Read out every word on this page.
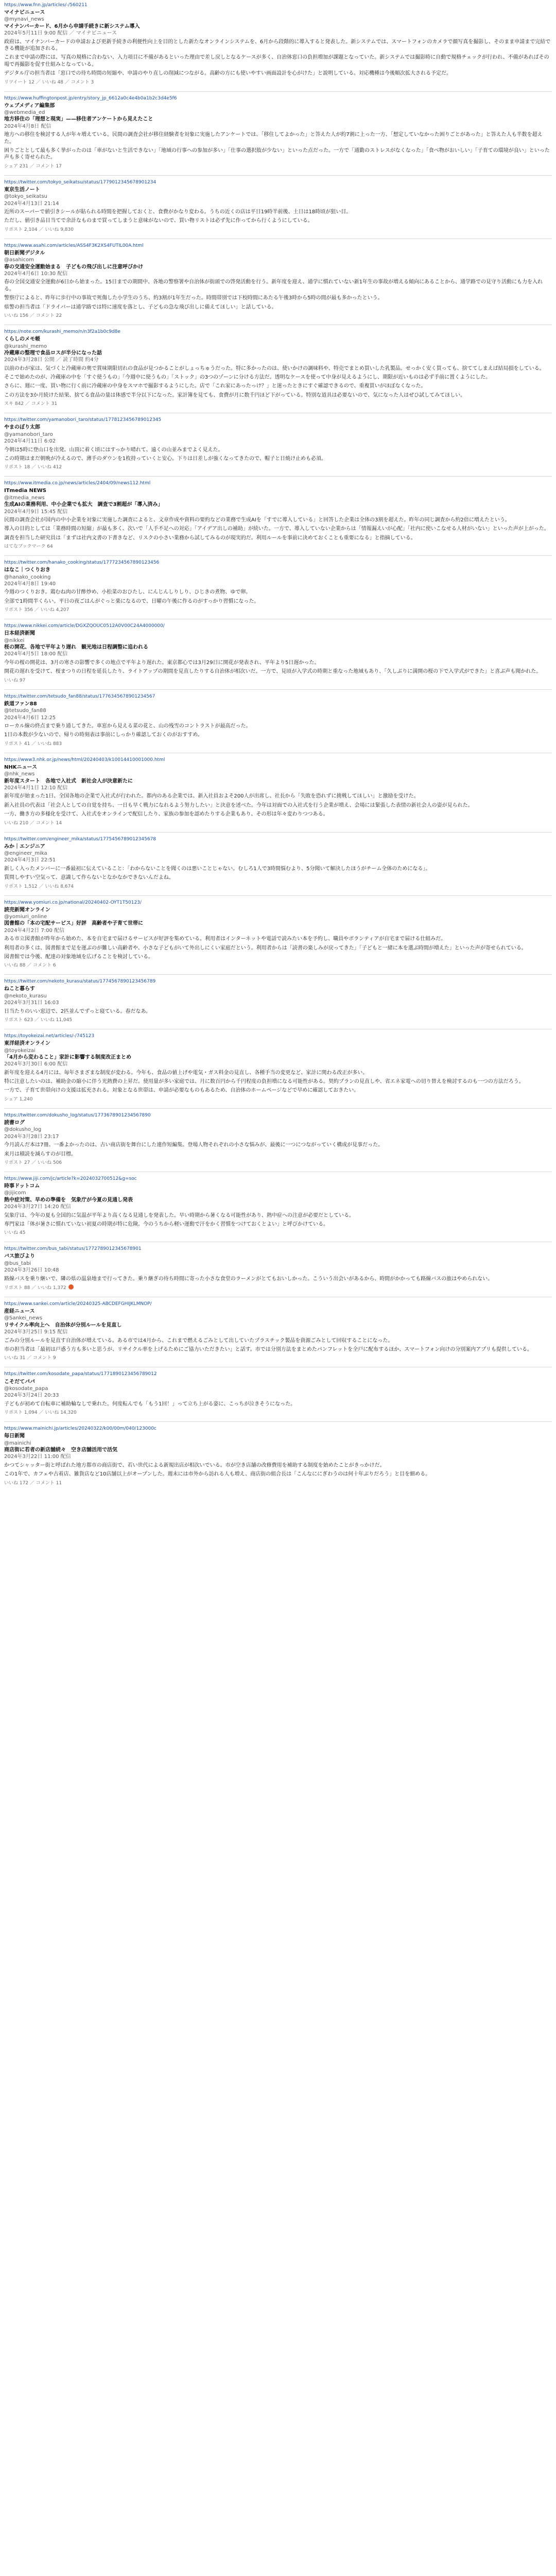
https://www.fnn.jp/articles/-/560211
マイナビニュース
@mynavi_news
マイナンバーカード、6月から申請手続きに新システム導入
2024年5月11日 9:00 配信 ／ マイナビニュース

政府は、マイナンバーカードの申請および更新手続きの利便性向上を目的とした新たなオンラインシステムを、6月から段階的に導入すると発表した。新システムでは、スマートフォンのカメラで顔写真を撮影し、そのまま申請まで完結できる機能が追加される。

これまで申請の際には、写真の規格に合わない、入力項目に不備があるといった理由で差し戻しとなるケースが多く、自治体窓口の負担増加が課題となっていた。新システムでは撮影時に自動で規格チェックが行われ、不備があればその場で再撮影を促す仕組みとなっている。

デジタル庁の担当者は「窓口での待ち時間の短縮や、申請のやり直しの削減につながる。高齢の方にも使いやすい画面設計を心がけた」と説明している。対応機種は今後順次拡大される予定だ。

リツイート 12 ／ いいね 48 ／ コメント 3
https://www.huffingtonpost.jp/entry/story_jp_6612a0c4e4b0a1b2c3d4e5f6
ウェブメディア編集部
@webmedia_ed
地方移住の「理想と現実」——移住者アンケートから見えたこと
2024年4月8日 配信

地方への移住を検討する人が年々増えている。民間の調査会社が移住経験者を対象に実施したアンケートでは、「移住してよかった」と答えた人が約7割に上った一方、「想定していなかった困りごとがあった」と答えた人も半数を超えた。

困りごととして最も多く挙がったのは「車がないと生活できない」「地域の行事への参加が多い」「仕事の選択肢が少ない」といった点だった。一方で「通勤のストレスがなくなった」「食べ物がおいしい」「子育ての環境が良い」といった声も多く寄せられた。

シェア 231 ／ コメント 17
https://twitter.com/tokyo_seikatsu/status/1779012345678901234
東京生活ノート
@tokyo_seikatsu
2024年4月13日 21:14

近所のスーパーで値引きシールが貼られる時間を把握しておくと、食費がかなり変わる。うちの近くの店は平日19時半前後、土日は18時頃が狙い目。

ただし、値引き品目当てで余計なものまで買ってしまうと意味がないので、買い物リストは必ず先に作ってから行くようにしている。

リポスト 2,104 ／ いいね 9,830
https://www.asahi.com/articles/ASS4F3K2XS4FUTIL00A.html
朝日新聞デジタル
@asahicom
春の交通安全運動始まる　子どもの飛び出しに注意呼びかけ
2024年4月6日 10:30 配信

春の全国交通安全運動が6日から始まった。15日までの期間中、各地の警察署や自治体が街頭での啓発活動を行う。新年度を迎え、通学に慣れていない新1年生の事故が増える傾向にあることから、通学路での見守り活動にも力を入れる。

警察庁によると、昨年に歩行中の事故で死傷した小学生のうち、約3割が1年生だった。時間帯別では下校時間にあたる午後3時から5時の間が最も多かったという。

県警の担当者は「ドライバーは通学路では特に速度を落とし、子どもの急な飛び出しに備えてほしい」と話している。

いいね 156 ／ コメント 22
https://note.com/kurashi_memo/n/n3f2a1b0c9d8e
くらしのメモ帳
@kurashi_memo
冷蔵庫の整理で食品ロスが半分になった話
2024年3月28日 公開 ／ 読了時間 約4分

以前のわが家は、気づくと冷蔵庫の奥で賞味期限切れの食品が見つかることがしょっちゅうだった。特に多かったのは、使いかけの調味料や、特売でまとめ買いした乳製品。せっかく安く買っても、捨ててしまえば結局損をしている。

そこで始めたのが、冷蔵庫の中を「すぐ使うもの」「今週中に使うもの」「ストック」の3つのゾーンに分ける方法だ。透明なケースを使って中身が見えるようにし、期限が近いものは必ず手前に置くようにした。

さらに、週に一度、買い物に行く前に冷蔵庫の中身をスマホで撮影するようにした。店で「これ家にあったっけ？」と迷ったときにすぐ確認できるので、重複買いがほぼなくなった。

この方法を3か月続けた結果、捨てる食品の量は体感で半分以下になった。家計簿を見ても、食費が月に数千円ほど下がっている。特別な道具は必要ないので、気になった人はぜひ試してみてほしい。

スキ 842 ／ コメント 31
https://twitter.com/yamanobori_taro/status/1778123456789012345
やまのぼり太郎
@yamanobori_taro
2024年4月11日 6:02

今朝は5時に登山口を出発。山頂に着く頃にはすっかり晴れて、遠くの山並みまでよく見えた。

この時期はまだ朝晩が冷えるので、薄手のダウンを1枚持っていくと安心。下りは日差しが強くなってきたので、帽子と日焼け止めも必須。

リポスト 18 ／ いいね 412
https://www.itmedia.co.jp/news/articles/2404/09/news112.html
ITmedia NEWS
@itmedia_news
生成AIの業務利用、中小企業でも拡大　調査で3割超が「導入済み」
2024年4月9日 15:45 配信

民間の調査会社が国内の中小企業を対象に実施した調査によると、文章作成や資料の要約などの業務で生成AIを「すでに導入している」と回答した企業は全体の3割を超えた。昨年の同じ調査から約2倍に増えたという。

導入の目的としては「業務時間の短縮」が最も多く、次いで「人手不足への対応」「アイデア出しの補助」が続いた。一方で、導入していない企業からは「情報漏えいが心配」「社内に使いこなせる人材がいない」といった声が上がった。

調査を担当した研究員は「まずは社内文書の下書きなど、リスクの小さい業務から試してみるのが現実的だ。利用ルールを事前に決めておくことも重要になる」と指摘している。

はてなブックマーク 64
https://twitter.com/hanako_cooking/status/1777234567890123456
はなこ｜つくりおき
@hanako_cooking
2024年4月8日 19:40

今週のつくりおき。鶏むね肉の甘酢炒め、小松菜のおひたし、にんじんしりしり、ひじきの煮物、ゆで卵。

全部で1時間半くらい。平日の夜ごはんがぐっと楽になるので、日曜の午後に作るのがすっかり習慣になった。

リポスト 356 ／ いいね 4,207
https://www.nikkei.com/article/DGXZQOUC0512A0V00C24A4000000/
日本経済新聞
@nikkei
桜の開花、各地で平年より遅れ　観光地は日程調整に追われる
2024年4月5日 18:00 配信

今年の桜の開花は、3月の寒さの影響で多くの地点で平年より遅れた。東京都心では3月29日に開花が発表され、平年より5日遅かった。

開花の遅れを受けて、桜まつりの日程を延長したり、ライトアップの期間を見直したりする自治体が相次いだ。一方で、見頃が入学式の時期と重なった地域もあり、「久しぶりに満開の桜の下で入学式ができた」と喜ぶ声も聞かれた。

いいね 97
https://twitter.com/tetsudo_fan88/status/1776345678901234567
鉄道ファン88
@tetsudo_fan88
2024年4月6日 12:25

ローカル線の終点まで乗り通してきた。車窓から見える菜の花と、山の残雪のコントラストが最高だった。

1日の本数が少ないので、帰りの時刻表は事前にしっかり確認しておくのがおすすめ。

リポスト 41 ／ いいね 883
https://www3.nhk.or.jp/news/html/20240403/k10014410001000.html
NHKニュース
@nhk_news
新年度スタート　各地で入社式　新社会人が決意新たに
2024年4月1日 12:10 配信

新年度が始まった1日、全国各地の企業で入社式が行われた。都内のある企業では、新入社員およそ200人が出席し、社長から「失敗を恐れずに挑戦してほしい」と激励を受けた。

新入社員の代表は「社会人としての自覚を持ち、一日も早く戦力になれるよう努力したい」と決意を述べた。今年は対面での入社式を行う企業が増え、会場には緊張した表情の新社会人の姿が見られた。

一方、働き方の多様化を受けて、入社式をオンラインで配信したり、家族の参加を認めたりする企業もあり、その形は年々変わりつつある。

いいね 210 ／ コメント 14
https://twitter.com/engineer_mika/status/1775456789012345678
みか｜エンジニア
@engineer_mika
2024年4月3日 22:51

新しく入ったメンバーに一番最初に伝えていること：「わからないことを聞くのは悪いことじゃない。むしろ1人で3時間悩むより、5分聞いて解決したほうがチーム全体のためになる」。

質問しやすい空気って、意識して作らないとなかなかできないんだよね。

リポスト 1,512 ／ いいね 8,674
https://www.yomiuri.co.jp/national/20240402-OYT1T50123/
読売新聞オンライン
@yomiuri_online
図書館の「本の宅配サービス」好評　高齢者や子育て世帯に
2024年4月2日 7:00 配信

ある市立図書館が昨年から始めた、本を自宅まで届けるサービスが好評を集めている。利用者はインターネットや電話で読みたい本を予約し、職員やボランティアが自宅まで届ける仕組みだ。

利用者の多くは、図書館まで足を運ぶのが難しい高齢者や、小さな子どもがいて外出しにくい家庭だという。利用者からは「読書の楽しみが戻ってきた」「子どもと一緒に本を選ぶ時間が増えた」といった声が寄せられている。

図書館では今後、配達の対象地域を広げることを検討している。

いいね 88 ／ コメント 6
https://twitter.com/nekoto_kurasu/status/1774567890123456789
ねこと暮らす
@nekoto_kurasu
2024年3月31日 16:03

日当たりのいい窓辺で、2匹並んでずっと寝ている。春だなあ。

リポスト 623 ／ いいね 11,045
https://toyokeizai.net/articles/-/745123
東洋経済オンライン
@toyokeizai
「4月から変わること」家計に影響する制度改正まとめ
2024年3月30日 6:00 配信

新年度を迎える4月には、毎年さまざまな制度が変わる。今年も、食品の値上げや電気・ガス料金の見直し、各種手当の変更など、家計に関わる改正が多い。

特に注意したいのは、補助金の縮小に伴う光熱費の上昇だ。使用量が多い家庭では、月に数百円から千円程度の負担増になる可能性がある。契約プランの見直しや、省エネ家電への切り替えを検討するのも一つの方法だろう。

一方で、子育て世帯向けの支援は拡充される。対象となる世帯は、申請が必要なものもあるため、自治体のホームページなどで早めに確認しておきたい。

シェア 1,240
https://twitter.com/dokusho_log/status/1773678901234567890
読書ログ
@dokusho_log
2024年3月28日 23:17

今月読んだ本は7冊。一番よかったのは、古い商店街を舞台にした連作短編集。登場人物それぞれの小さな悩みが、最後に一つにつながっていく構成が見事だった。

来月は積読を減らすのが目標。

リポスト 27 ／ いいね 506
https://www.jiji.com/jc/article?k=2024032700512&g=soc
時事ドットコム
@jijicom
熱中症対策、早めの準備を　気象庁が今夏の見通し発表
2024年3月27日 14:20 配信

気象庁は、今年の夏も全国的に気温が平年より高くなる見通しを発表した。早い時期から暑くなる可能性があり、熱中症への注意が必要だとしている。

専門家は「体が暑さに慣れていない初夏の時期が特に危険。今のうちから軽い運動で汗をかく習慣をつけておくとよい」と呼びかけている。

いいね 45
https://twitter.com/bus_tabi/status/1772789012345678901
バス旅びより
@bus_tabi
2024年3月26日 10:48

路線バスを乗り継いで、隣の県の温泉地まで行ってきた。乗り継ぎの待ち時間に寄った小さな食堂のラーメンがとてもおいしかった。こういう出会いがあるから、時間がかかっても路線バスの旅はやめられない。

リポスト 88 ／ いいね 1,372
https://www.sankei.com/article/20240325-ABCDEFGHIJKLMNOP/
産経ニュース
@Sankei_news
リサイクル率向上へ　自治体が分別ルールを見直し
2024年3月25日 9:15 配信

ごみの分別ルールを見直す自治体が増えている。ある市では4月から、これまで燃えるごみとして出していたプラスチック製品を資源ごみとして回収することになった。

市の担当者は「最初は戸惑う方も多いと思うが、リサイクル率を上げるためにご協力いただきたい」と話す。市では分別方法をまとめたパンフレットを全戸に配布するほか、スマートフォン向けの分別案内アプリも提供している。

いいね 31 ／ コメント 9
https://twitter.com/kosodate_papa/status/1771890123456789012
こそだてパパ
@kosodate_papa
2024年3月24日 20:33

子どもが初めて自転車に補助輪なしで乗れた。何度転んでも「もう1回！」って立ち上がる姿に、こっちが泣きそうになった。

リポスト 1,094 ／ いいね 14,320
https://www.mainichi.jp/articles/20240322/k00/00m/040/123000c
毎日新聞
@mainichi
商店街に若者の新店舗続々　空き店舗活用で活気
2024年3月22日 11:00 配信

かつてシャッター街と呼ばれた地方都市の商店街で、若い世代による新規出店が相次いでいる。市が空き店舗の改修費用を補助する制度を始めたことがきっかけだ。

この1年で、カフェや古着店、雑貨店など10店舗以上がオープンした。週末には市外から訪れる人も増え、商店街の組合長は「こんなににぎわうのは何十年ぶりだろう」と目を細める。

いいね 172 ／ コメント 11
